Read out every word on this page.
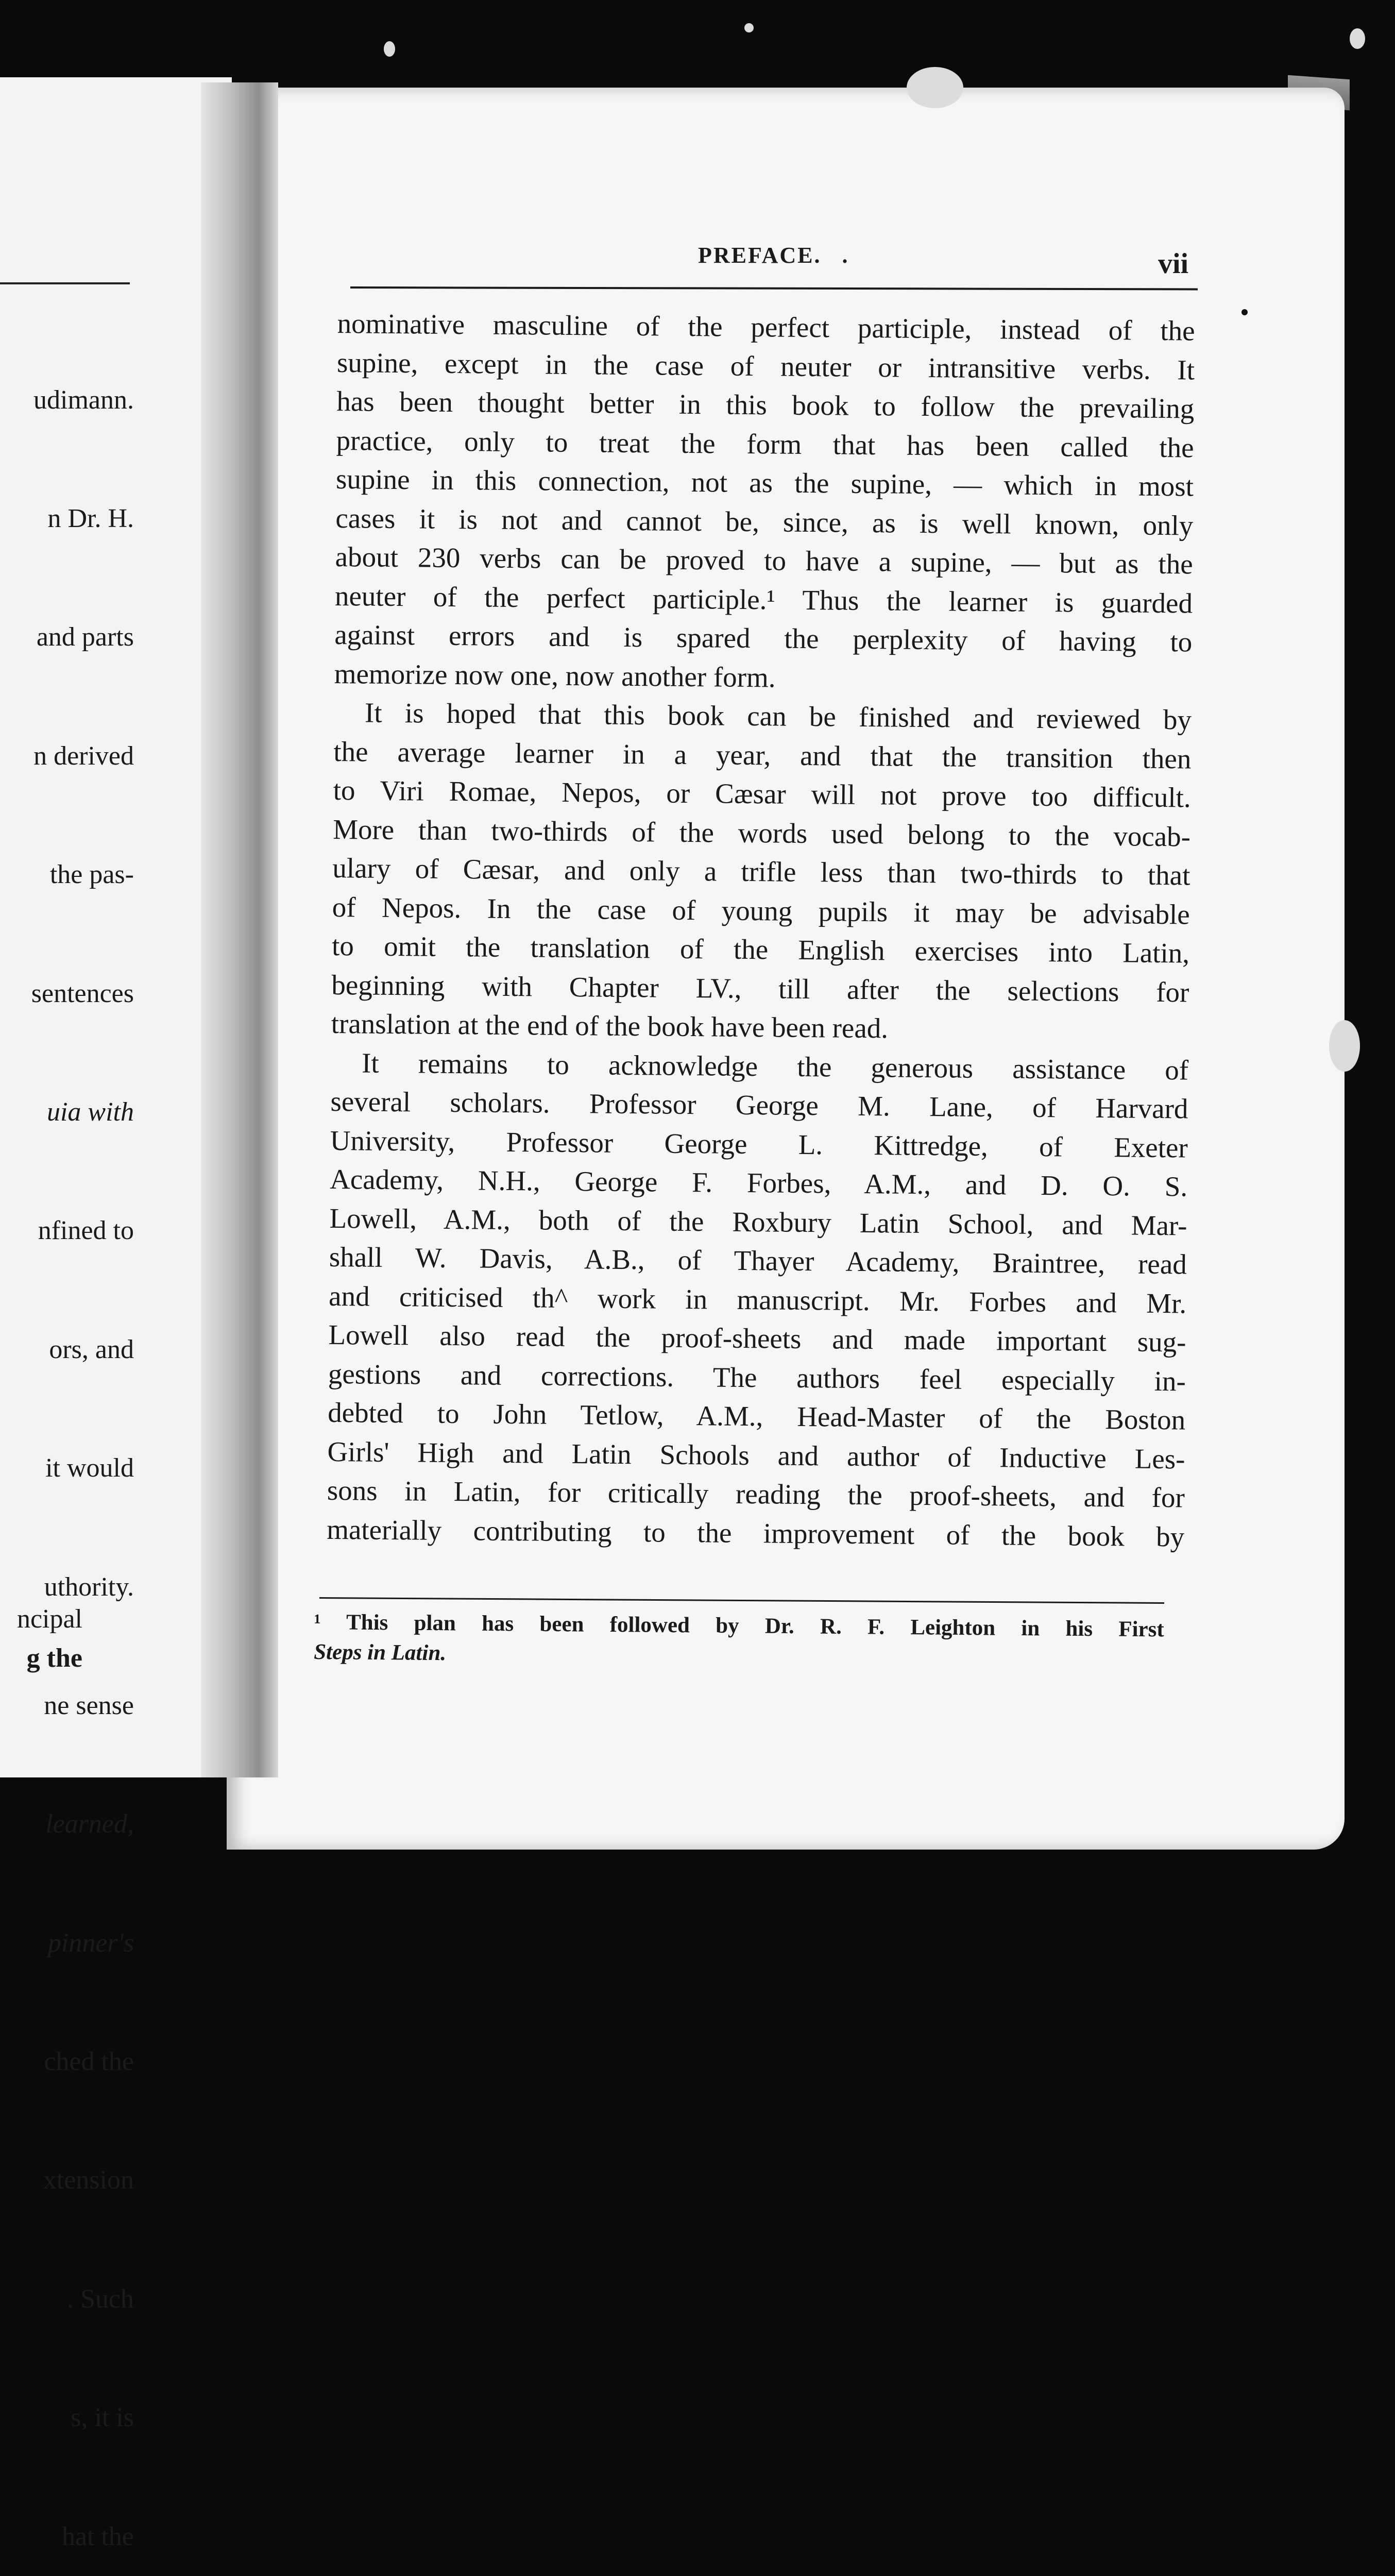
udimann.

n Dr. H.

and parts

n derived

the pas-

sentences

uia with

nfined to

ors, and

it would

uthority.

ne sense

learned,

pinner's

ched the

xtension

. Such

s, it is

hat the

ncipal
g the
PREFACE. .	vii
nominative masculine of the perfect participle, instead of the
supine, except in the case of neuter or intransitive verbs. It
has been thought better in this book to follow the prevailing
practice, only to treat the form that has been called the
supine in this connection, not as the supine, — which in most
cases it is not and cannot be, since, as is well known, only
about 230 verbs can be proved to have a supine, — but as the
neuter of the perfect participle.¹ Thus the learner is guarded
against errors and is spared the perplexity of having to
memorize now one, now another form.
It is hoped that this book can be finished and reviewed by
the average learner in a year, and that the transition then
to Viri Romae, Nepos, or Cæsar will not prove too difficult.
More than two-thirds of the words used belong to the vocab-
ulary of Cæsar, and only a trifle less than two-thirds to that
of Nepos. In the case of young pupils it may be advisable
to omit the translation of the English exercises into Latin,
beginning with Chapter LV., till after the selections for
translation at the end of the book have been read.
It remains to acknowledge the generous assistance of
several scholars. Professor George M. Lane, of Harvard
University, Professor George L. Kittredge, of Exeter
Academy, N.H., George F. Forbes, A.M., and D. O. S.
Lowell, A.M., both of the Roxbury Latin School, and Mar-
shall W. Davis, A.B., of Thayer Academy, Braintree, read
and criticised th^ work in manuscript. Mr. Forbes and Mr.
Lowell also read the proof-sheets and made important sug-
gestions and corrections. The authors feel especially in-
debted to John Tetlow, A.M., Head-Master of the Boston
Girls' High and Latin Schools and author of Inductive Les-
sons in Latin, for critically reading the proof-sheets, and for
materially contributing to the improvement of the book by
¹ This plan has been followed by Dr. R. F. Leighton in his First
Steps in Latin.
